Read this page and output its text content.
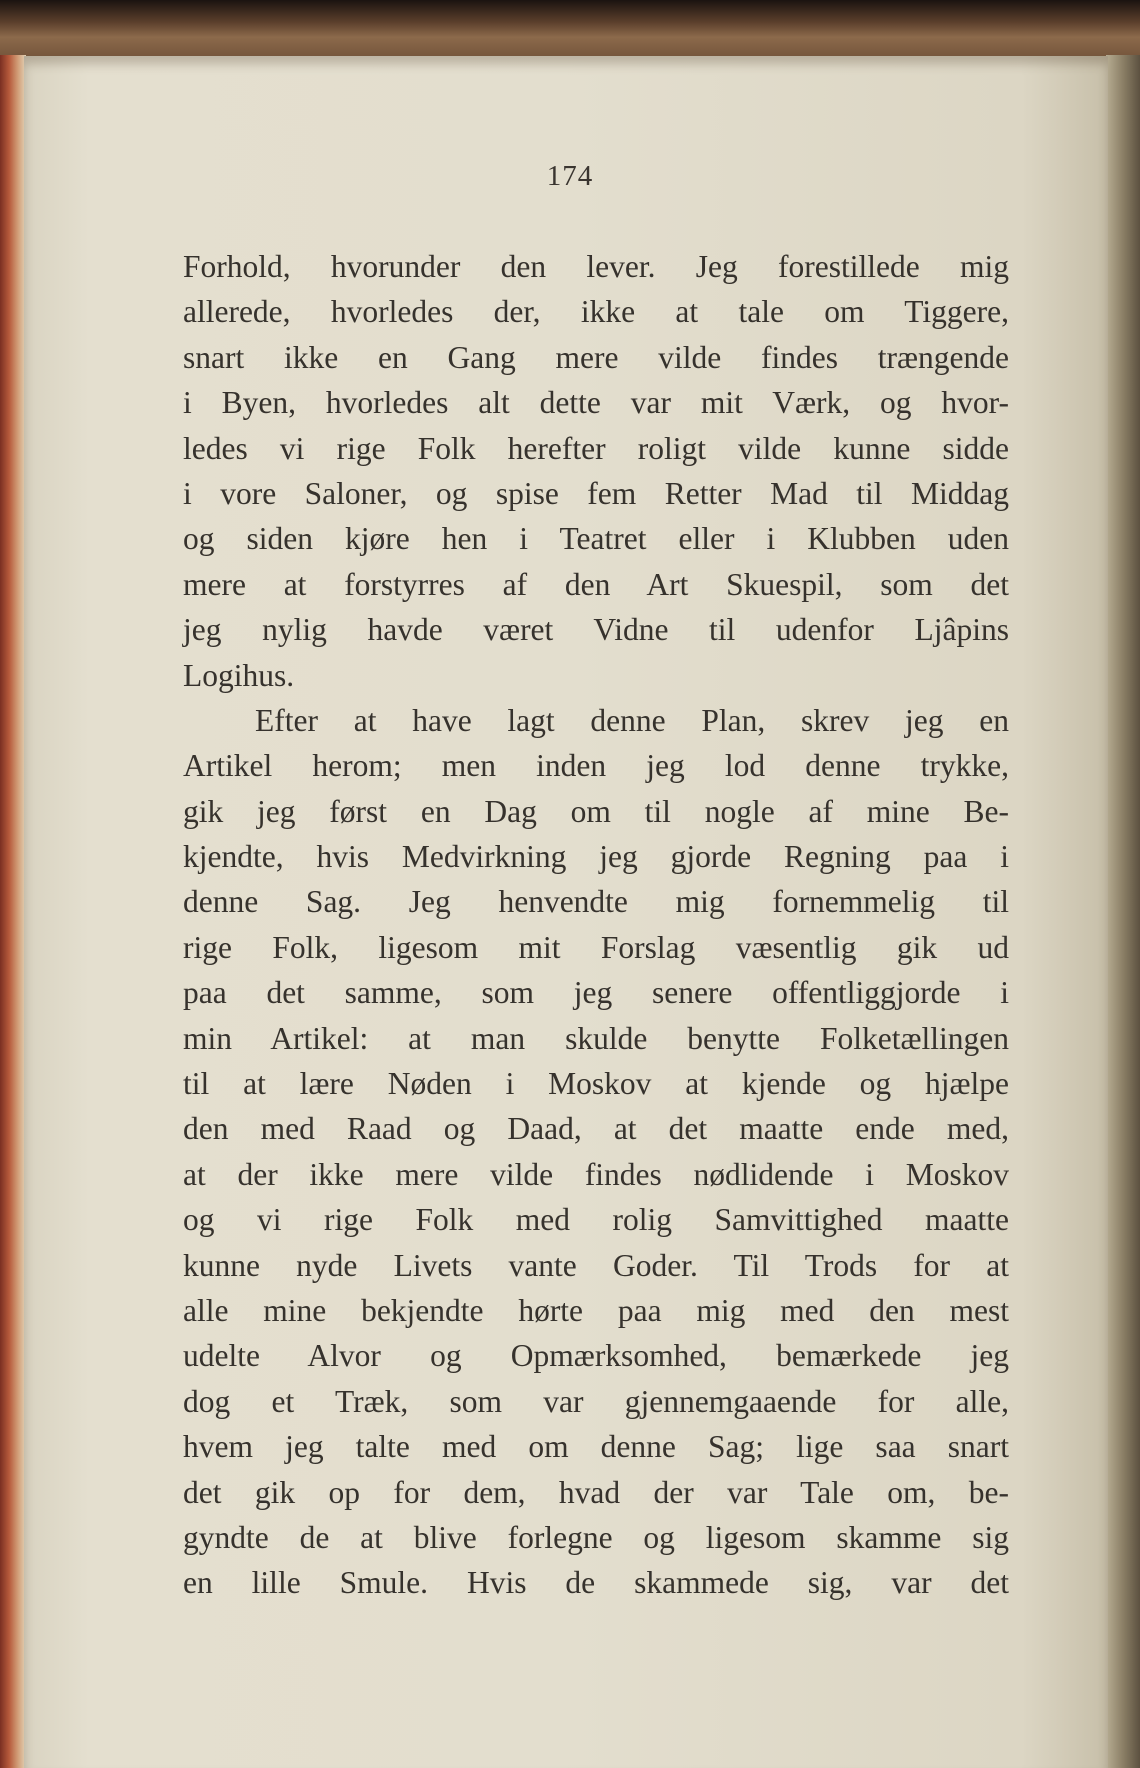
174
Forhold, hvorunder den lever. Jeg forestillede mig
allerede, hvorledes der, ikke at tale om Tiggere,
snart ikke en Gang mere vilde findes trængende
i Byen, hvorledes alt dette var mit Værk, og hvor-
ledes vi rige Folk herefter roligt vilde kunne sidde
i vore Saloner, og spise fem Retter Mad til Middag
og siden kjøre hen i Teatret eller i Klubben uden
mere at forstyrres af den Art Skuespil, som det
jeg nylig havde været Vidne til udenfor Ljâpins
Logihus.
Efter at have lagt denne Plan, skrev jeg en
Artikel herom; men inden jeg lod denne trykke,
gik jeg først en Dag om til nogle af mine Be-
kjendte, hvis Medvirkning jeg gjorde Regning paa i
denne Sag. Jeg henvendte mig fornemmelig til
rige Folk, ligesom mit Forslag væsentlig gik ud
paa det samme, som jeg senere offentliggjorde i
min Artikel: at man skulde benytte Folketællingen
til at lære Nøden i Moskov at kjende og hjælpe
den med Raad og Daad, at det maatte ende med,
at der ikke mere vilde findes nødlidende i Moskov
og vi rige Folk med rolig Samvittighed maatte
kunne nyde Livets vante Goder. Til Trods for at
alle mine bekjendte hørte paa mig med den mest
udelte Alvor og Opmærksomhed, bemærkede jeg
dog et Træk, som var gjennemgaaende for alle,
hvem jeg talte med om denne Sag; lige saa snart
det gik op for dem, hvad der var Tale om, be-
gyndte de at blive forlegne og ligesom skamme sig
en lille Smule. Hvis de skammede sig, var det
